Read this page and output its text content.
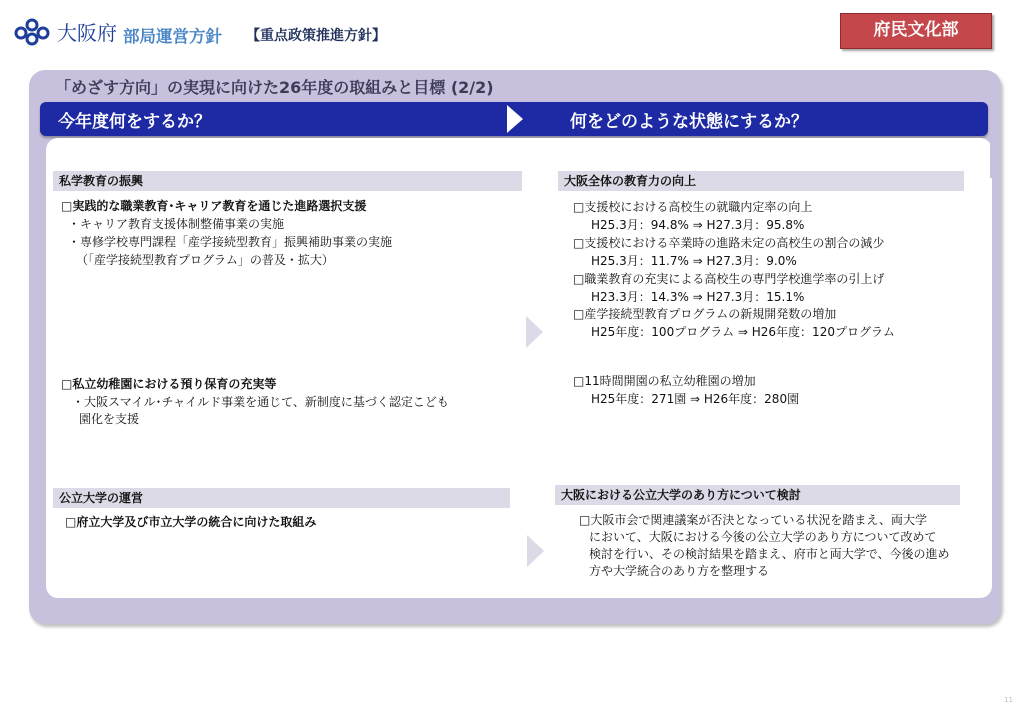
大阪府 部局運営方針 【重点政策推進方針】	府民文化部
「めざす方向」の実現に向けた26年度の取組みと目標 (2/2)
今年度何をするか？	何をどのような状態にするか？
私学教育の振興
□実践的な職業教育･キャリア教育を通じた進路選択支援
・キャリア教育支援体制整備事業の実施
・専修学校専門課程「産学接続型教育」振興補助事業の実施
（「産学接続型教育プログラム」の普及・拡大）
□私立幼稚園における預り保育の充実等
・大阪スマイル･チャイルド事業を通じて、新制度に基づく認定こども
園化を支援
公立大学の運営
□府立大学及び市立大学の統合に向けた取組み
大阪全体の教育力の向上
□支援校における高校生の就職内定率の向上
H25.3月：94.8% ⇒ H27.3月：95.8%
□支援校における卒業時の進路未定の高校生の割合の減少
H25.3月：11.7% ⇒ H27.3月：9.0%
□職業教育の充実による高校生の専門学校進学率の引上げ
H23.3月：14.3% ⇒ H27.3月：15.1%
□産学接続型教育プログラムの新規開発数の増加
H25年度：100プログラム ⇒ H26年度：120プログラム
□11時間開園の私立幼稚園の増加
H25年度：271園 ⇒ H26年度：280園
大阪における公立大学のあり方について検討
□大阪市会で関連議案が否決となっている状況を踏まえ、両大学
において、大阪における今後の公立大学のあり方について改めて
検討を行い、その検討結果を踏まえ、府市と両大学で、今後の進め
方や大学統合のあり方を整理する
11
